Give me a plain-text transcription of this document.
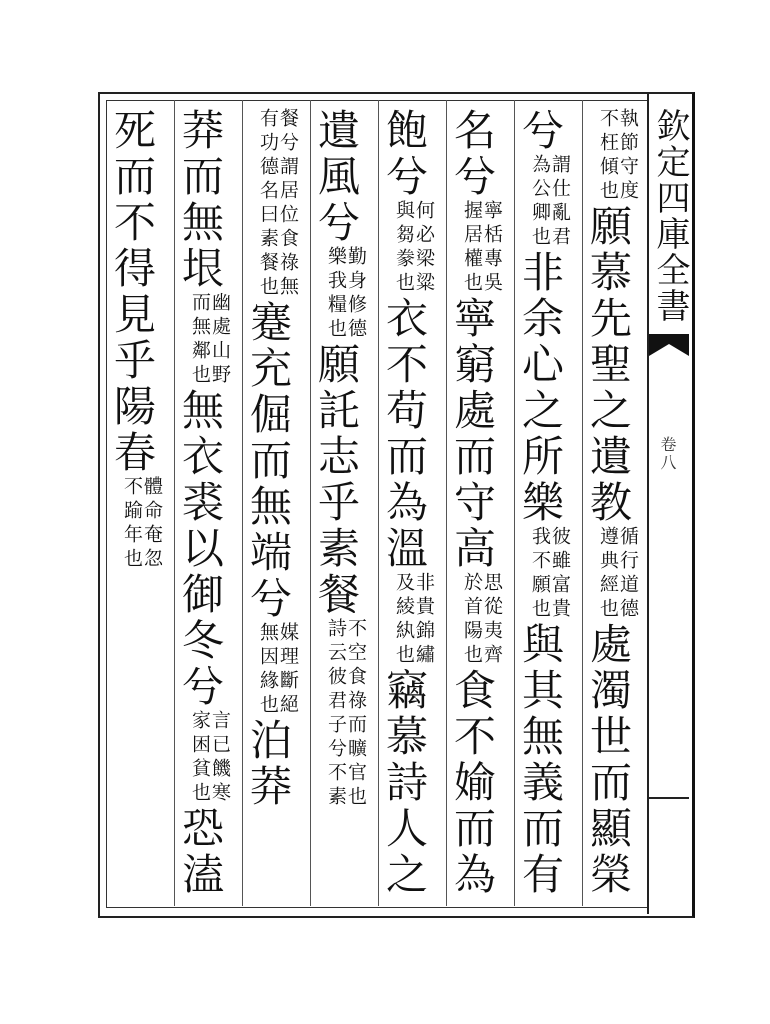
欽定四庫全書
卷八
執節守度
不枉傾也
願慕先聖之遺教
循行道德
遵典經也
處濁世而顯榮
兮
謂仕亂君
為公卿也
非余心之所樂
彼雖富貴
我不願也
與其無義而有
名兮
寧栝專吳
握居權也
寧窮處而守高
思從夷齊
於首陽也
食不媮而為
飽兮
何必梁粱
與芻豢也
衣不苟而為溫
非貴錦繡
及綾紈也
竊慕詩人之
遺風兮
勤身修德
樂我糧也
願託志乎素餐
不空食祿而曠官也
詩云彼君子兮不素
餐兮謂居位食祿無
有功德名曰素餐也
蹇充倔而無端兮
媒理斷絕
無因緣也
泊莽
莽而無垠
幽處山野
而無鄰也
無衣裘以御冬兮
言已饑寒
家困貧也
恐溘
死而不得見乎陽春
體命奄忽
不踰年也
